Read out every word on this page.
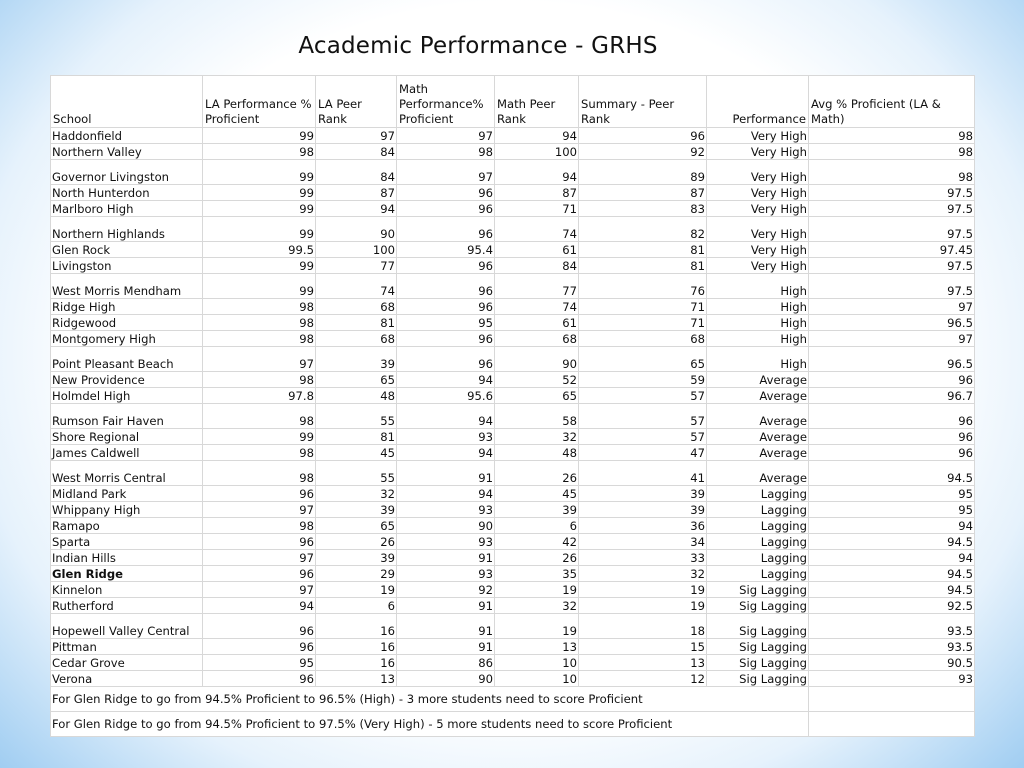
Academic Performance - GRHS
School	LA Performance % Proficient	LA Peer Rank	Math Performance% Proficient	Math Peer Rank	Summary - Peer Rank	Performance	Avg % Proficient (LA & Math)
Haddonfield	99	97	97	94	96	Very High	98
Northern Valley	98	84	98	100	92	Very High	98
Governor Livingston	99	84	97	94	89	Very High	98
North Hunterdon	99	87	96	87	87	Very High	97.5
Marlboro High	99	94	96	71	83	Very High	97.5
Northern Highlands	99	90	96	74	82	Very High	97.5
Glen Rock	99.5	100	95.4	61	81	Very High	97.45
Livingston	99	77	96	84	81	Very High	97.5
West Morris Mendham	99	74	96	77	76	High	97.5
Ridge High	98	68	96	74	71	High	97
Ridgewood	98	81	95	61	71	High	96.5
Montgomery High	98	68	96	68	68	High	97
Point Pleasant Beach	97	39	96	90	65	High	96.5
New Providence	98	65	94	52	59	Average	96
Holmdel High	97.8	48	95.6	65	57	Average	96.7
Rumson Fair Haven	98	55	94	58	57	Average	96
Shore Regional	99	81	93	32	57	Average	96
James Caldwell	98	45	94	48	47	Average	96
West Morris Central	98	55	91	26	41	Average	94.5
Midland Park	96	32	94	45	39	Lagging	95
Whippany High	97	39	93	39	39	Lagging	95
Ramapo	98	65	90	6	36	Lagging	94
Sparta	96	26	93	42	34	Lagging	94.5
Indian Hills	97	39	91	26	33	Lagging	94
Glen Ridge	96	29	93	35	32	Lagging	94.5
Kinnelon	97	19	92	19	19	Sig Lagging	94.5
Rutherford	94	6	91	32	19	Sig Lagging	92.5
Hopewell Valley Central	96	16	91	19	18	Sig Lagging	93.5
Pittman	96	16	91	13	15	Sig Lagging	93.5
Cedar Grove	95	16	86	10	13	Sig Lagging	90.5
Verona	96	13	90	10	12	Sig Lagging	93
For Glen Ridge to go from 94.5% Proficient to 96.5% (High) - 3 more students need to score Proficient							
For Glen Ridge to go from 94.5% Proficient to 97.5% (Very High) - 5 more students need to score Proficient							
